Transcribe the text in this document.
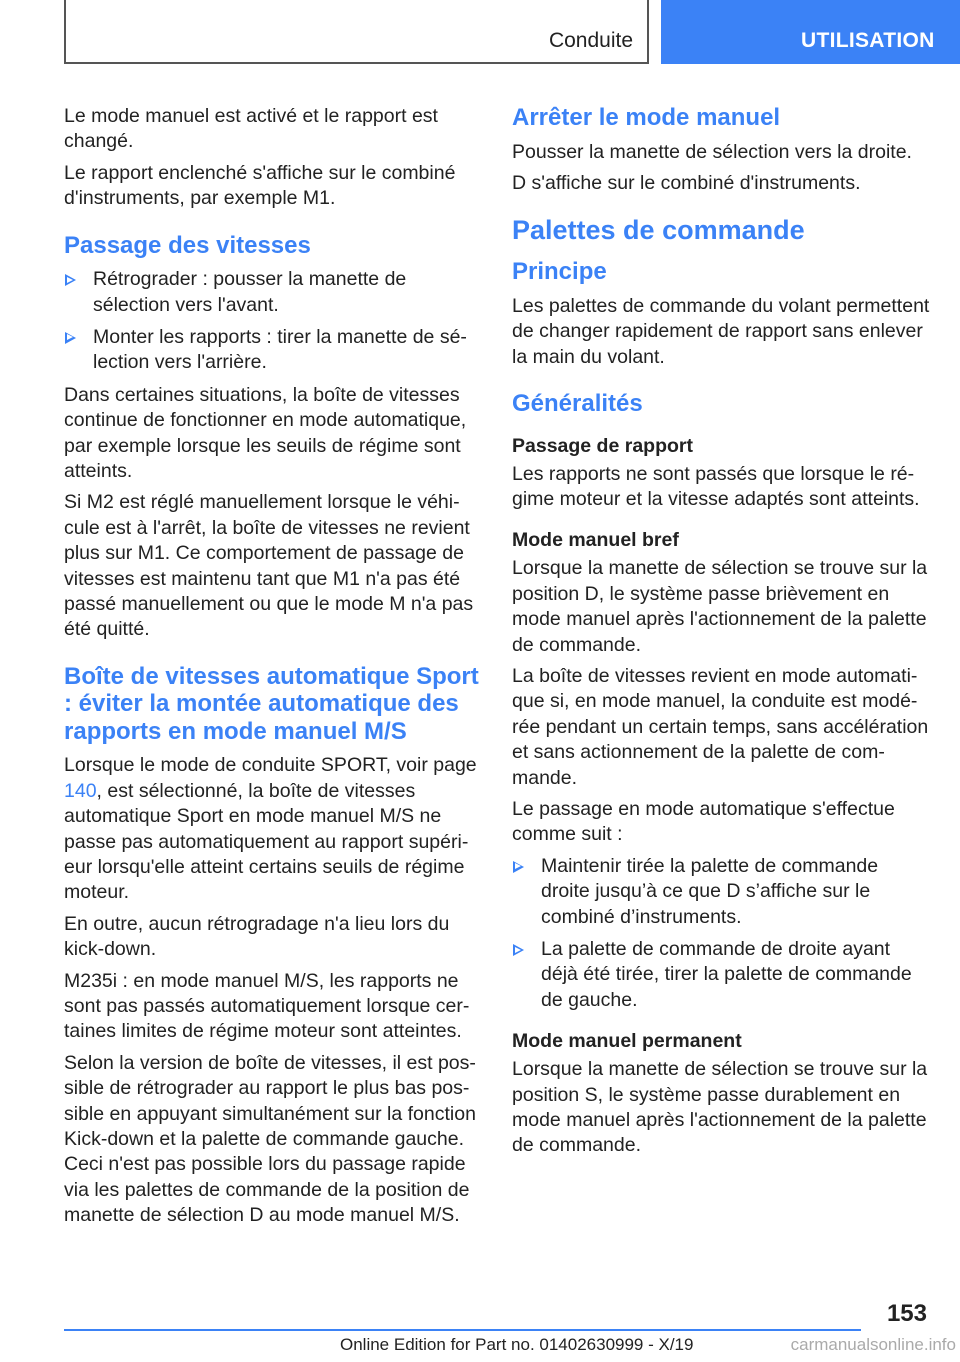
Conduite	UTILISATION

Le mode manuel est activé et le rapport est changé.

Le rapport enclenché s'affiche sur le combiné d'instruments, par exemple M1.

Passage des vitesses
Rétrograder : pousser la manette de sélection vers l'avant.
Monter les rapports : tirer la manette de sélection vers l'arrière.

Dans certaines situations, la boîte de vitesses continue de fonctionner en mode automatique, par exemple lorsque les seuils de régime sont atteints.

Si M2 est réglé manuellement lorsque le véhicule est à l'arrêt, la boîte de vitesses ne revient plus sur M1. Ce comportement de passage de vitesses est maintenu tant que M1 n'a pas été passé manuellement ou que le mode M n'a pas été quitté.

Boîte de vitesses automatique Sport : éviter la montée automatique des rapports en mode manuel M/S

Lorsque le mode de conduite SPORT, voir page 140, est sélectionné, la boîte de vitesses automatique Sport en mode manuel M/S ne passe pas automatiquement au rapport supérieur lorsqu'elle atteint certains seuils de régime moteur.

En outre, aucun rétrogradage n'a lieu lors du kick-down.

M235i : en mode manuel M/S, les rapports ne sont pas passés automatiquement lorsque certaines limites de régime moteur sont atteintes.

Selon la version de boîte de vitesses, il est possible de rétrograder au rapport le plus bas possible en appuyant simultanément sur la fonction Kick-down et la palette de commande gauche. Ceci n'est pas possible lors du passage rapide via les palettes de commande de la position de manette de sélection D au mode manuel M/S.

Arrêter le mode manuel

Pousser la manette de sélection vers la droite.

D s'affiche sur le combiné d'instruments.

Palettes de commande
Principe

Les palettes de commande du volant permettent de changer rapidement de rapport sans enlever la main du volant.

Généralités
Passage de rapport

Les rapports ne sont passés que lorsque le régime moteur et la vitesse adaptés sont atteints.

Mode manuel bref

Lorsque la manette de sélection se trouve sur la position D, le système passe brièvement en mode manuel après l'actionnement de la palette de commande.

La boîte de vitesses revient en mode automatique si, en mode manuel, la conduite est modérée pendant un certain temps, sans accélération et sans actionnement de la palette de commande.

Le passage en mode automatique s'effectue comme suit :

Maintenir tirée la palette de commande droite jusqu’à ce que D s’affiche sur le combiné d’instruments.
La palette de commande de droite ayant déjà été tirée, tirer la palette de commande de gauche.
Mode manuel permanent

Lorsque la manette de sélection se trouve sur la position S, le système passe durablement en mode manuel après l'actionnement de la palette de commande.

153
Online Edition for Part no. 01402630999 - X/19	carmanualsonline.info
